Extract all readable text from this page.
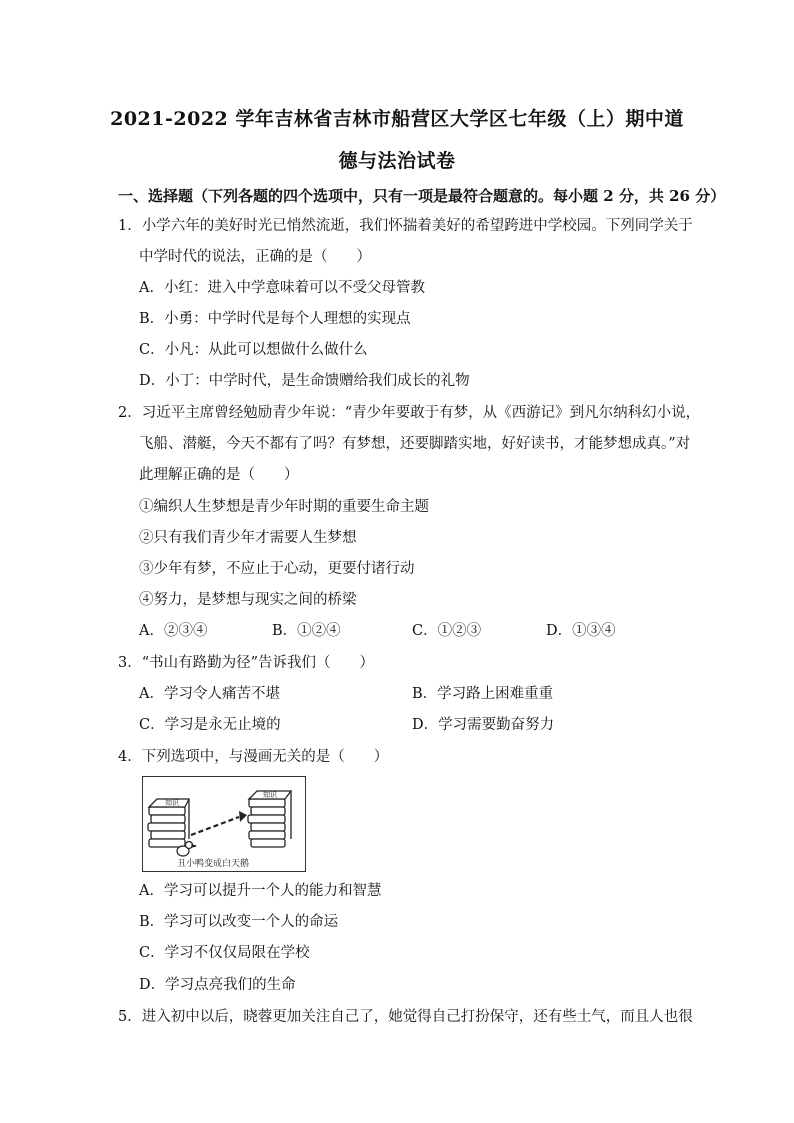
2021-2022 学年吉林省吉林市船营区大学区七年级（上）期中道
德与法治试卷
一、选择题（下列各题的四个选项中，只有一项是最符合题意的。每小题 2 分，共 26 分）
1．小学六年的美好时光已悄然流逝，我们怀揣着美好的希望跨进中学校园。下列同学关于
中学时代的说法，正确的是（　　）
A．小红：进入中学意味着可以不受父母管教
B．小勇：中学时代是每个人理想的实现点
C．小凡：从此可以想做什么做什么
D．小丁：中学时代，是生命馈赠给我们成长的礼物
2．习近平主席曾经勉励青少年说：“青少年要敢于有梦，从《西游记》到凡尔纳科幻小说，
飞船、潜艇，今天不都有了吗？有梦想，还要脚踏实地，好好读书，才能梦想成真。”对
此理解正确的是（　　）
①编织人生梦想是青少年时期的重要生命主题
②只有我们青少年才需要人生梦想
③少年有梦，不应止于心动，更要付诸行动
④努力，是梦想与现实之间的桥梁
A．②③④	B．①②④	C．①②③	D．①③④
3．“书山有路勤为径”告诉我们（　　）
A．学习令人痛苦不堪	B．学习路上困难重重
C．学习是永无止境的	D．学习需要勤奋努力
4．下列选项中，与漫画无关的是（　　）
知识
知识
丑小鸭变成白天鹅
A．学习可以提升一个人的能力和智慧
B．学习可以改变一个人的命运
C．学习不仅仅局限在学校
D．学习点亮我们的生命
5．进入初中以后，晓蓉更加关注自己了，她觉得自己打扮保守，还有些土气，而且人也很
